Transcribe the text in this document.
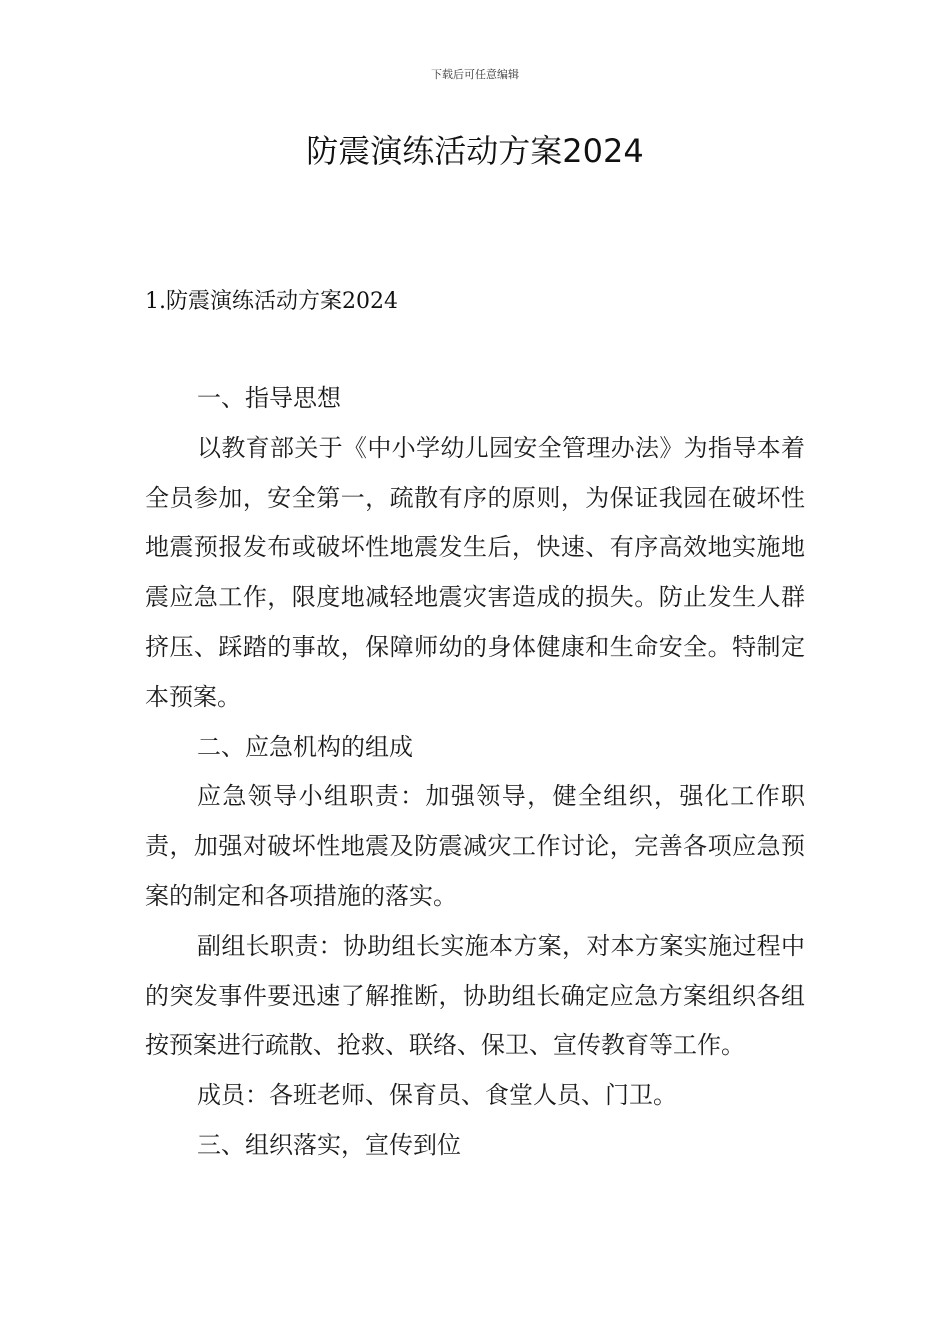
下载后可任意编辑
防震演练活动方案2024
1.防震演练活动方案2024

一、指导思想

以教育部关于《中小学幼儿园安全管理办法》为指导本着全员参加，安全第一，疏散有序的原则，为保证我园在破坏性地震预报发布或破坏性地震发生后，快速、有序高效地实施地震应急工作，限度地减轻地震灾害造成的损失。防止发生人群挤压、踩踏的事故，保障师幼的身体健康和生命安全。特制定本预案。

二、应急机构的组成

应急领导小组职责：加强领导，健全组织，强化工作职责，加强对破坏性地震及防震减灾工作讨论，完善各项应急预案的制定和各项措施的落实。

副组长职责：协助组长实施本方案，对本方案实施过程中的突发事件要迅速了解推断，协助组长确定应急方案组织各组按预案进行疏散、抢救、联络、保卫、宣传教育等工作。

成员：各班老师、保育员、食堂人员、门卫。

三、组织落实，宣传到位
